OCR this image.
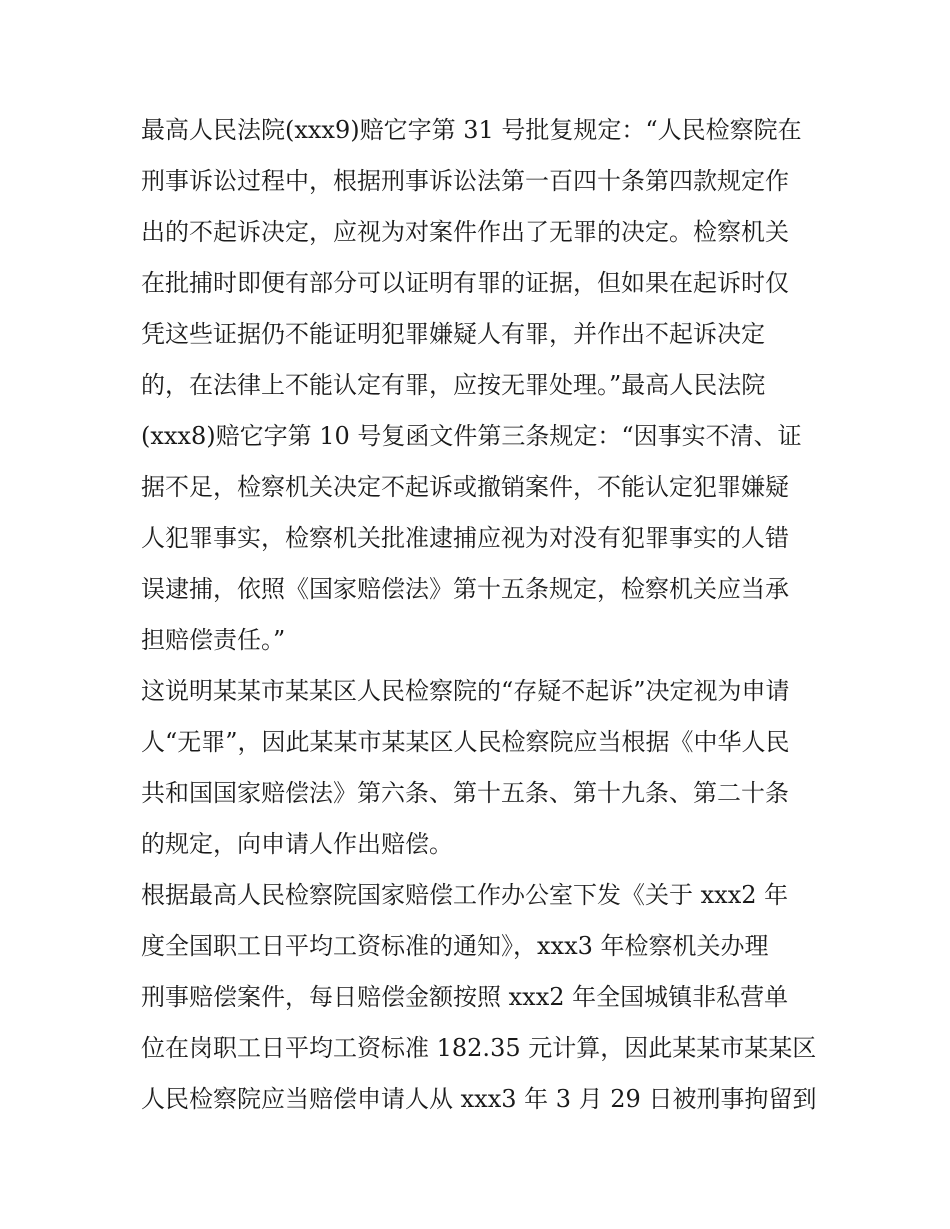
最高人民法院(xxx9)赔它字第 31 号批复规定：“人民检察院在
刑事诉讼过程中，根据刑事诉讼法第一百四十条第四款规定作
出的不起诉决定，应视为对案件作出了无罪的决定。检察机关
在批捕时即便有部分可以证明有罪的证据，但如果在起诉时仅
凭这些证据仍不能证明犯罪嫌疑人有罪，并作出不起诉决定
的，在法律上不能认定有罪，应按无罪处理。”最高人民法院
(xxx8)赔它字第 10 号复函文件第三条规定：“因事实不清、证
据不足，检察机关决定不起诉或撤销案件，不能认定犯罪嫌疑
人犯罪事实，检察机关批准逮捕应视为对没有犯罪事实的人错
误逮捕，依照《国家赔偿法》第十五条规定，检察机关应当承
担赔偿责任。”
这说明某某市某某区人民检察院的“存疑不起诉”决定视为申请
人“无罪”，因此某某市某某区人民检察院应当根据《中华人民
共和国国家赔偿法》第六条、第十五条、第十九条、第二十条
的规定，向申请人作出赔偿。
根据最高人民检察院国家赔偿工作办公室下发《关于 xxx2 年
度全国职工日平均工资标准的通知》，xxx3 年检察机关办理
刑事赔偿案件，每日赔偿金额按照 xxx2 年全国城镇非私营单
位在岗职工日平均工资标准 182.35 元计算，因此某某市某某区
人民检察院应当赔偿申请人从 xxx3 年 3 月 29 日被刑事拘留到
